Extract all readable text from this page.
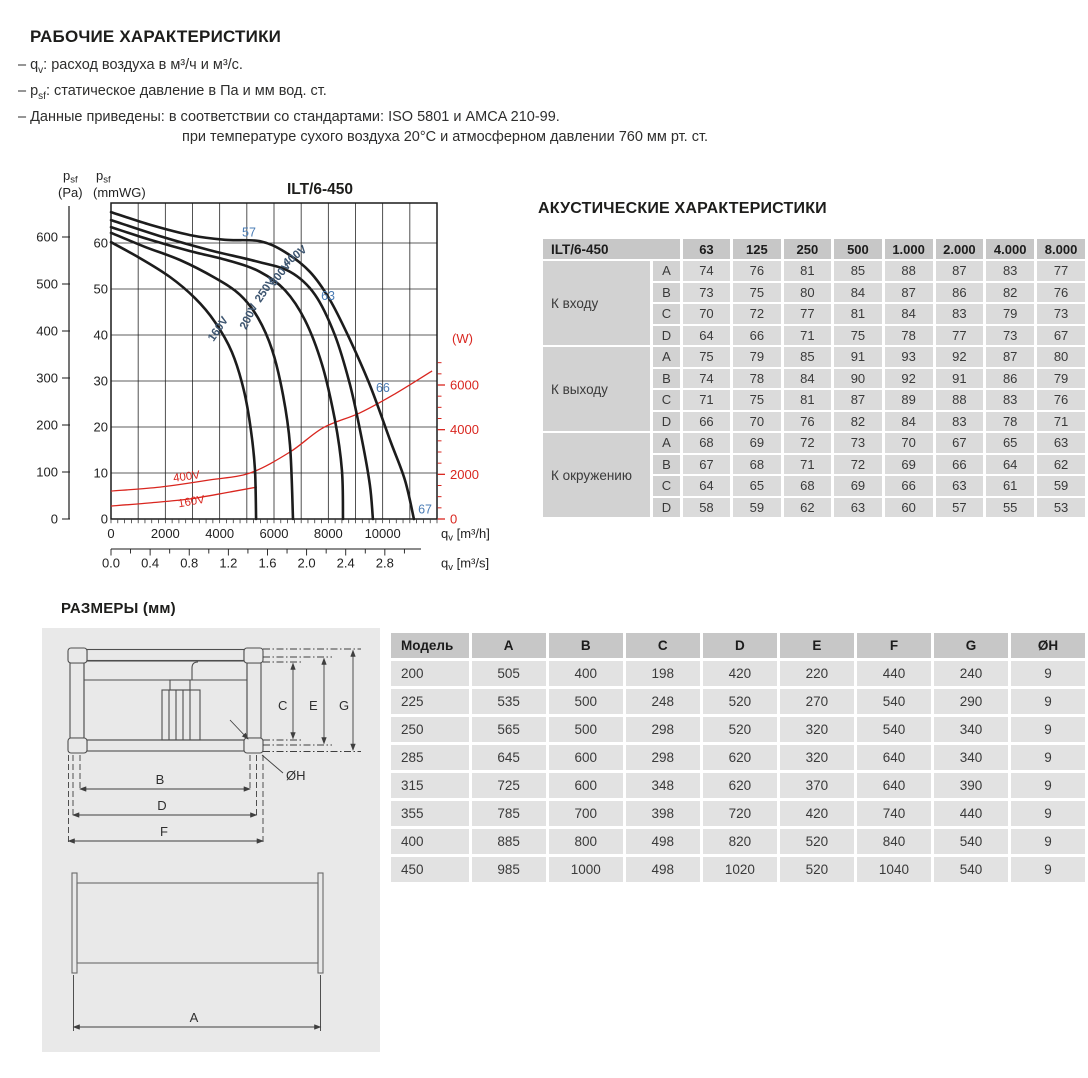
РАБОЧИЕ ХАРАКТЕРИСТИКИ
– $q_v$: расход воздуха в м³/ч и м³/с.
– $p_{sf}$: статическое давление в Па и мм вод. ст.
– Данные приведены: в соответствии со стандартами: ISO 5801 и AMCA 210-99.
при температуре сухого воздуха 20°C и атмосферном давлении 760 мм рт. ст.
0
100
200
300
400
500
600
0
10
20
30
40
50
60
0	2000 4000 6000 8000 10000
0.0 0.4 0.8 1.2 1.6 2.0 2.4 2.8
0
2000
4000
6000
(W)
400V
300V
250V
200V
160V
400V
160V
57
63
66
67
psf
(Pa)
psf
(mmWG)
qv [m³/h]
qv [m³/s]
ILT/6-450
АКУСТИЧЕСКИЕ ХАРАКТЕРИСТИКИ
ILT/6-450		63	125	250	500	1.000	2.000	4.000	8.000
К входу	A	74	76	81	85	88	87	83	77
	B	73	75	80	84	87	86	82	76
	C	70	72	77	81	84	83	79	73
	D	64	66	71	75	78	77	73	67
К выходу	A	75	79	85	91	93	92	87	80
	B	74	78	84	90	92	91	86	79
	C	71	75	81	87	89	88	83	76
	D	66	70	76	82	84	83	78	71
К окружению	A	68	69	72	73	70	67	65	63
	B	67	68	71	72	69	66	64	62
	C	64	65	68	69	66	63	61	59
	D	58	59	62	63	60	57	55	53
РАЗМЕРЫ (мм)
C E G
B
D
F
ØH
А
Модель	A	B	C	D	E	F	G	ØH
200	505	400	198	420	220	440	240	9
225	535	500	248	520	270	540	290	9
250	565	500	298	520	320	540	340	9
285	645	600	298	620	320	640	340	9
315	725	600	348	620	370	640	390	9
355	785	700	398	720	420	740	440	9
400	885	800	498	820	520	840	540	9
450	985	1000	498	1020	520	1040	540	9
